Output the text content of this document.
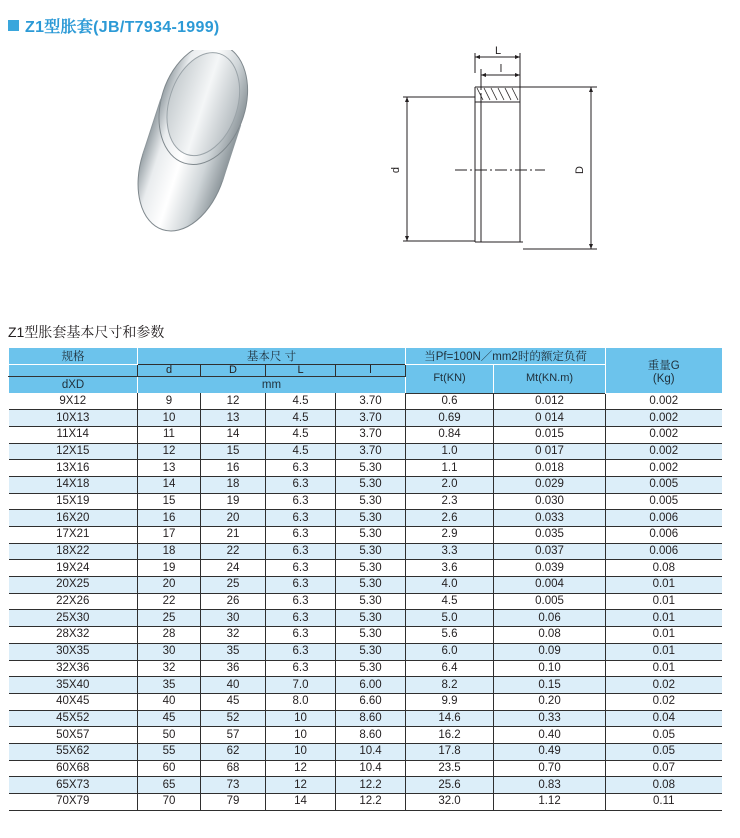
Z1型胀套(JB/T7934-1999)
L
l
d	D
Z1型胀套基本尺寸和参数
规格	基本尺 寸				当Pf=100N／mm2时的额定负荷		重量G
(Kg)

	d	D	L	l	Ft(KN)	Mt(KN.m)	
dXD	mm						
9X12	9	12	4.5	3.70	0.6	0.012	0.002
10X13	10	13	4.5	3.70	0.69	0 014	0.002
11X14	11	14	4.5	3.70	0.84	0.015	0.002
12X15	12	15	4.5	3.70	1.0	0 017	0.002
13X16	13	16	6.3	5.30	1.1	0.018	0.002
14X18	14	18	6.3	5.30	2.0	0.029	0.005
15X19	15	19	6.3	5.30	2.3	0.030	0.005
16X20	16	20	6.3	5.30	2.6	0.033	0.006
17X21	17	21	6.3	5.30	2.9	0.035	0.006
18X22	18	22	6.3	5.30	3.3	0.037	0.006
19X24	19	24	6.3	5.30	3.6	0.039	0.08
20X25	20	25	6.3	5.30	4.0	0.004	0.01
22X26	22	26	6.3	5.30	4.5	0.005	0.01
25X30	25	30	6.3	5.30	5.0	0.06	0.01
28X32	28	32	6.3	5.30	5.6	0.08	0.01
30X35	30	35	6.3	5.30	6.0	0.09	0.01
32X36	32	36	6.3	5.30	6.4	0.10	0.01
35X40	35	40	7.0	6.00	8.2	0.15	0.02
40X45	40	45	8.0	6.60	9.9	0.20	0.02
45X52	45	52	10	8.60	14.6	0.33	0.04
50X57	50	57	10	8.60	16.2	0.40	0.05
55X62	55	62	10	10.4	17.8	0.49	0.05
60X68	60	68	12	10.4	23.5	0.70	0.07
65X73	65	73	12	12.2	25.6	0.83	0.08
70X79	70	79	14	12.2	32.0	1.12	0.11
